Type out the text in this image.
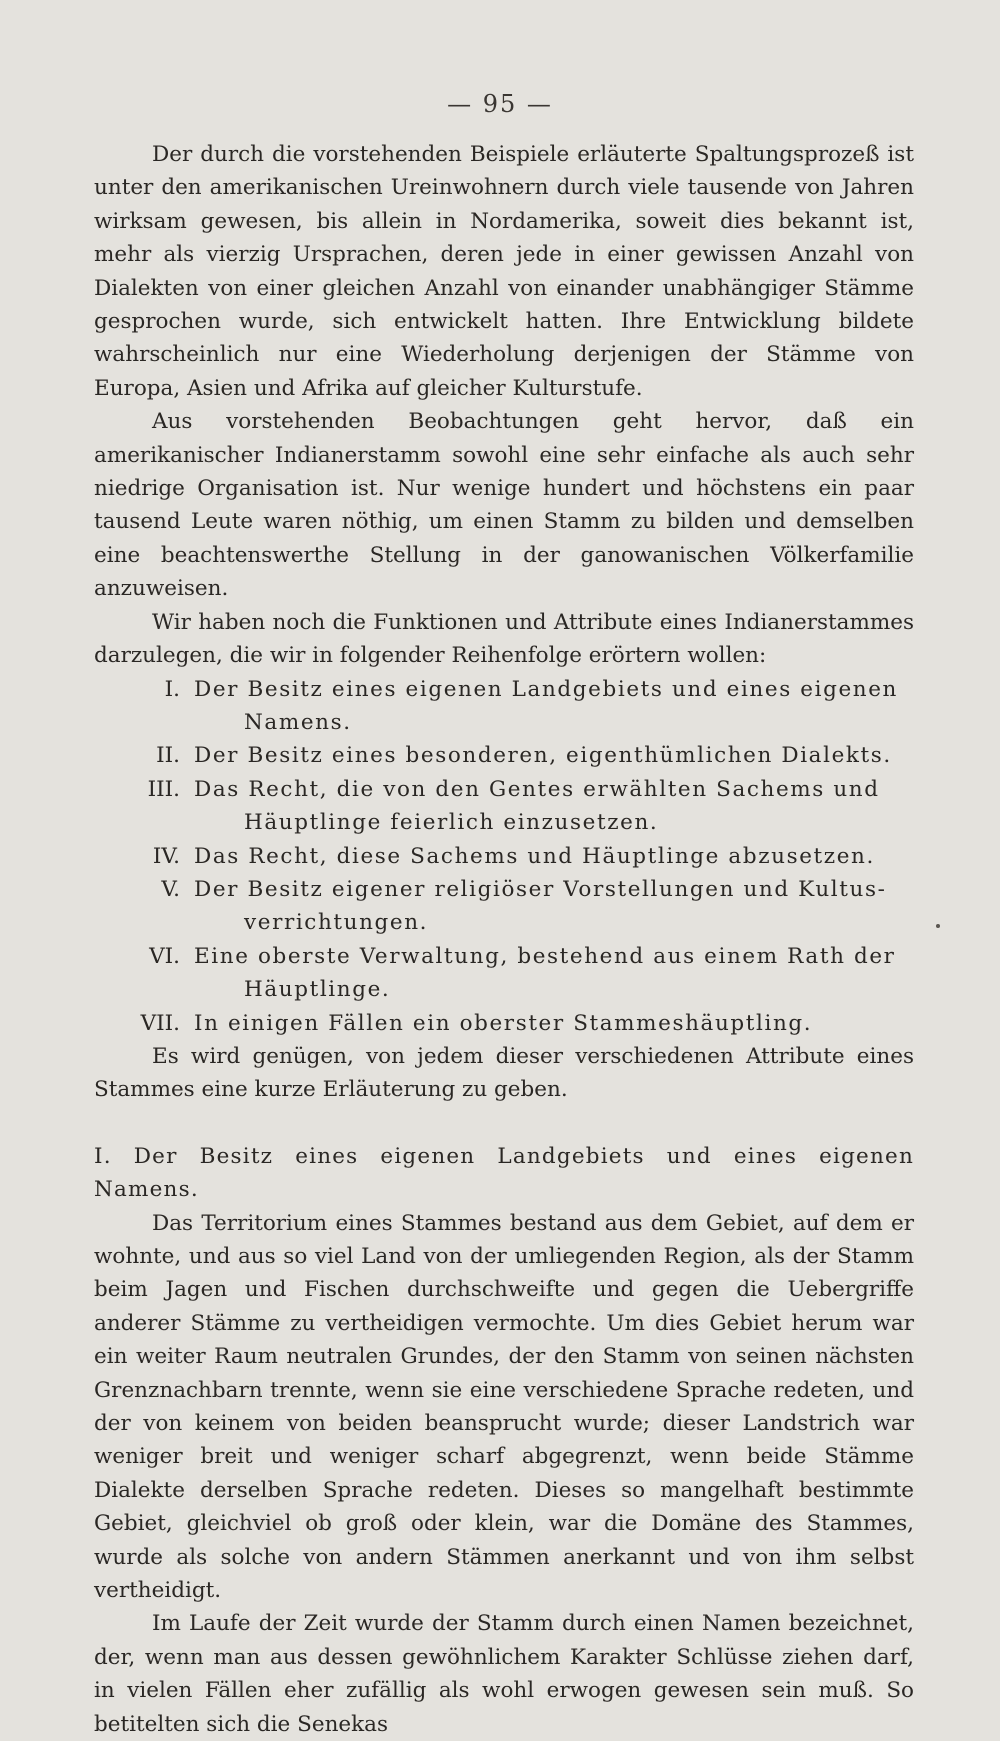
— 95 —

Der durch die vorstehenden Beispiele erläuterte Spaltungsprozeß ist unter den amerikanischen Ureinwohnern durch viele tausende von Jahren wirksam gewesen, bis allein in Nordamerika, soweit dies bekannt ist, mehr als vierzig Ursprachen, deren jede in einer gewissen Anzahl von Dialekten von einer gleichen Anzahl von einander unabhängiger Stämme gesprochen wurde, sich entwickelt hatten. Ihre Entwicklung bildete wahrscheinlich nur eine Wiederholung derjenigen der Stämme von Europa, Asien und Afrika auf gleicher Kulturstufe.

Aus vorstehenden Beobachtungen geht hervor, daß ein amerikanischer Indianerstamm sowohl eine sehr einfache als auch sehr niedrige Organisation ist. Nur wenige hundert und höchstens ein paar tausend Leute waren nöthig, um einen Stamm zu bilden und demselben eine beachtenswerthe Stellung in der ganowanischen Völkerfamilie anzuweisen.

Wir haben noch die Funktionen und Attribute eines Indianerstammes darzulegen, die wir in folgender Reihenfolge erörtern wollen:

I. Der Besitz eines eigenen Landgebiets und eines eigenen
Namens.
II. Der Besitz eines besonderen, eigenthümlichen Dialekts.
III. Das Recht, die von den Gentes erwählten Sachems und
Häuptlinge feierlich einzusetzen.
IV. Das Recht, diese Sachems und Häuptlinge abzusetzen.
V. Der Besitz eigener religiöser Vorstellungen und Kultus-
verrichtungen.
VI. Eine oberste Verwaltung, bestehend aus einem Rath der
Häuptlinge.
VII. In einigen Fällen ein oberster Stammeshäuptling.

Es wird genügen, von jedem dieser verschiedenen Attribute eines Stammes eine kurze Erläuterung zu geben.

I. Der Besitz eines eigenen Landgebiets und eines eigenen Namens.

Das Territorium eines Stammes bestand aus dem Gebiet, auf dem er wohnte, und aus so viel Land von der umliegenden Region, als der Stamm beim Jagen und Fischen durchschweifte und gegen die Uebergriffe anderer Stämme zu vertheidigen vermochte. Um dies Gebiet herum war ein weiter Raum neutralen Grundes, der den Stamm von seinen nächsten Grenznachbarn trennte, wenn sie eine verschiedene Sprache redeten, und der von keinem von beiden beansprucht wurde; dieser Landstrich war weniger breit und weniger scharf abgegrenzt, wenn beide Stämme Dialekte derselben Sprache redeten. Dieses so mangelhaft bestimmte Gebiet, gleichviel ob groß oder klein, war die Domäne des Stammes, wurde als solche von andern Stämmen anerkannt und von ihm selbst vertheidigt.

Im Laufe der Zeit wurde der Stamm durch einen Namen bezeichnet, der, wenn man aus dessen gewöhnlichem Karakter Schlüsse ziehen darf, in vielen Fällen eher zufällig als wohl erwogen gewesen sein muß. So betitelten sich die Senekas
